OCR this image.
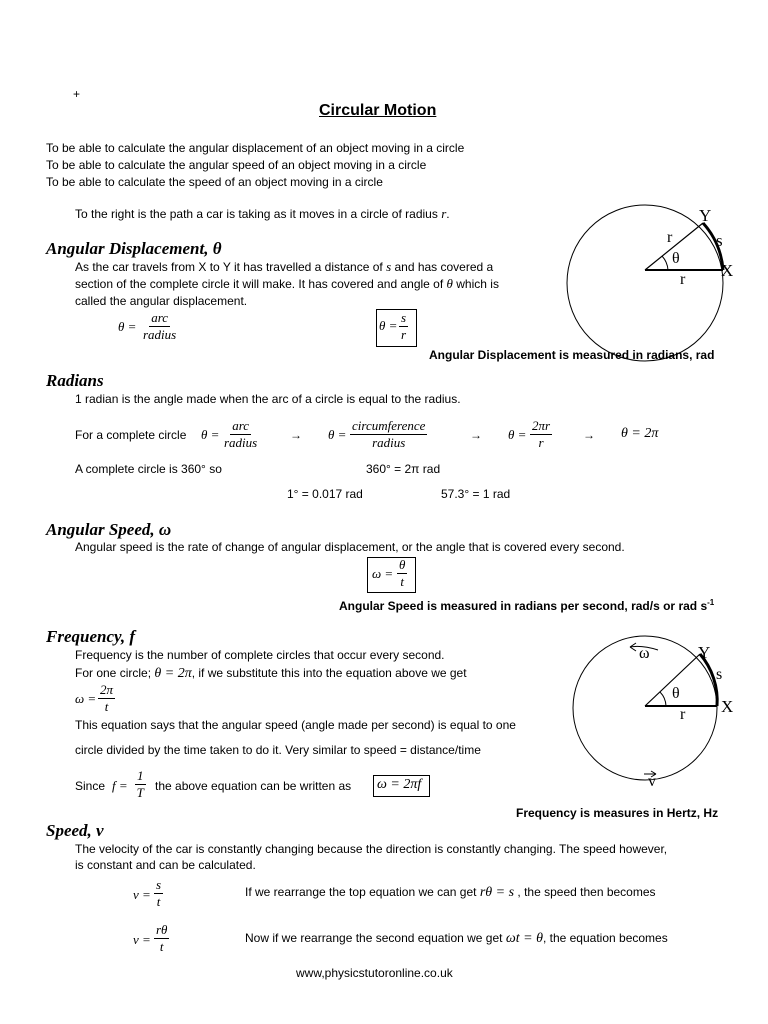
+
Circular Motion
To be able to calculate the angular displacement of an object moving in a circle
To be able to calculate the angular speed of an object moving in a circle
To be able to calculate the speed of an object moving in a circle
To the right is the path a car is taking as it moves in a circle of radius r.
Angular Displacement, θ
As the car travels from X to Y it has travelled a distance of s and has covered a
section of the complete circle it will make. It has covered and angle of θ which is
called the angular displacement.
θ =
arc
radius
$\theta = \frac{s}{r}$
Angular Displacement is measured in radians, rad
Y
s
X
r
r
θ
Radians
1 radian is the angle made when the arc of a circle is equal to the radius.
For a complete circle θ =
arc
radius	→ θ =
circumference
radius	→ $\theta = \frac{2\pi r}{r}$	→ θ = 2π
A complete circle is 360° so	360° = 2π rad
1° = 0.017 rad	57.3° = 1 rad
Angular Speed, ω
Angular speed is the rate of change of angular displacement, or the angle that is covered every second.
$\omega = \frac{\theta}{t}$
Angular Speed is measured in radians per second, rad/s or rad $s^{-1}$
Frequency, f
Frequency is the number of complete circles that occur every second.
For one circle; θ = 2π, if we substitute this into the equation above we get
$\omega = \frac{2\pi}{t}$
This equation says that the angular speed (angle made per second) is equal to one
circle divided by the time taken to do it. Very similar to speed = distance/time
Since $f = \frac{1}{T}$ the above equation can be written as ω = 2πf
Frequency is measures in Hertz, Hz
Y
s
X
r
θ
ω
v
Speed, v
The velocity of the car is constantly changing because the direction is constantly changing. The speed however,
is constant and can be calculated.
$v = \frac{s}{t}$	If we rearrange the top equation we can get rθ = s , the speed then becomes
$v = \frac{r\theta}{t}$	Now if we rearrange the second equation we get ωt = θ, the equation becomes
www,physicstutoronline.co.uk
